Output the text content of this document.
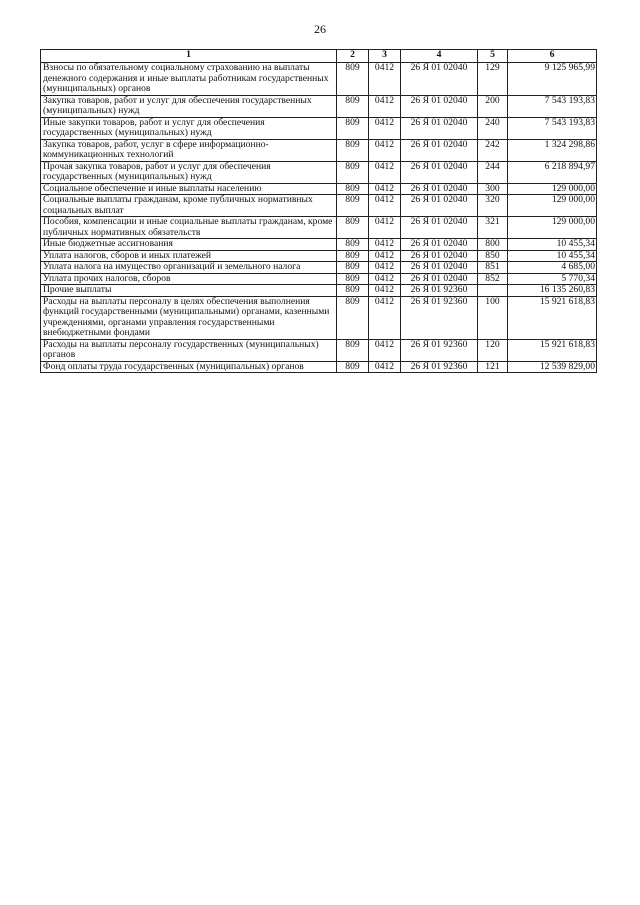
26
1	2	3	4	5	6
Взносы по обязательному социальному страхованию на выплаты денежного содержания и иные выплаты работникам государственных (муниципальных) органов	809	0412	26 Я 01 02040	129	9 125 965,99
Закупка товаров, работ и услуг для обеспечения государственных (муниципальных) нужд	809	0412	26 Я 01 02040	200	7 543 193,83
Иные закупки товаров, работ и услуг для обеспечения государственных (муниципальных) нужд	809	0412	26 Я 01 02040	240	7 543 193,83
Закупка товаров, работ, услуг в сфере информационно-коммуникационных технологий	809	0412	26 Я 01 02040	242	1 324 298,86
Прочая закупка товаров, работ и услуг для обеспечения государственных (муниципальных) нужд	809	0412	26 Я 01 02040	244	6 218 894,97
Социальное обеспечение и иные выплаты населению	809	0412	26 Я 01 02040	300	129 000,00
Социальные выплаты гражданам, кроме публичных нормативных социальных выплат	809	0412	26 Я 01 02040	320	129 000,00
Пособия, компенсации и иные социальные выплаты гражданам, кроме публичных нормативных обязательств	809	0412	26 Я 01 02040	321	129 000,00
Иные бюджетные ассигнования	809	0412	26 Я 01 02040	800	10 455,34
Уплата налогов, сборов и иных платежей	809	0412	26 Я 01 02040	850	10 455,34
Уплата налога на имущество организаций и земельного налога	809	0412	26 Я 01 02040	851	4 685,00
Уплата прочих налогов, сборов	809	0412	26 Я 01 02040	852	5 770,34
Прочие выплаты	809	0412	26 Я 01 92360		16 135 260,83
Расходы на выплаты персоналу в целях обеспечения выполнения функций государственными (муниципальными) органами, казенными учреждениями, органами управления государственными внебюджетными фондами	809	0412	26 Я 01 92360	100	15 921 618,83
Расходы на выплаты персоналу государственных (муниципальных) органов	809	0412	26 Я 01 92360	120	15 921 618,83
Фонд оплаты труда государственных (муниципальных) органов	809	0412	26 Я 01 92360	121	12 539 829,00
